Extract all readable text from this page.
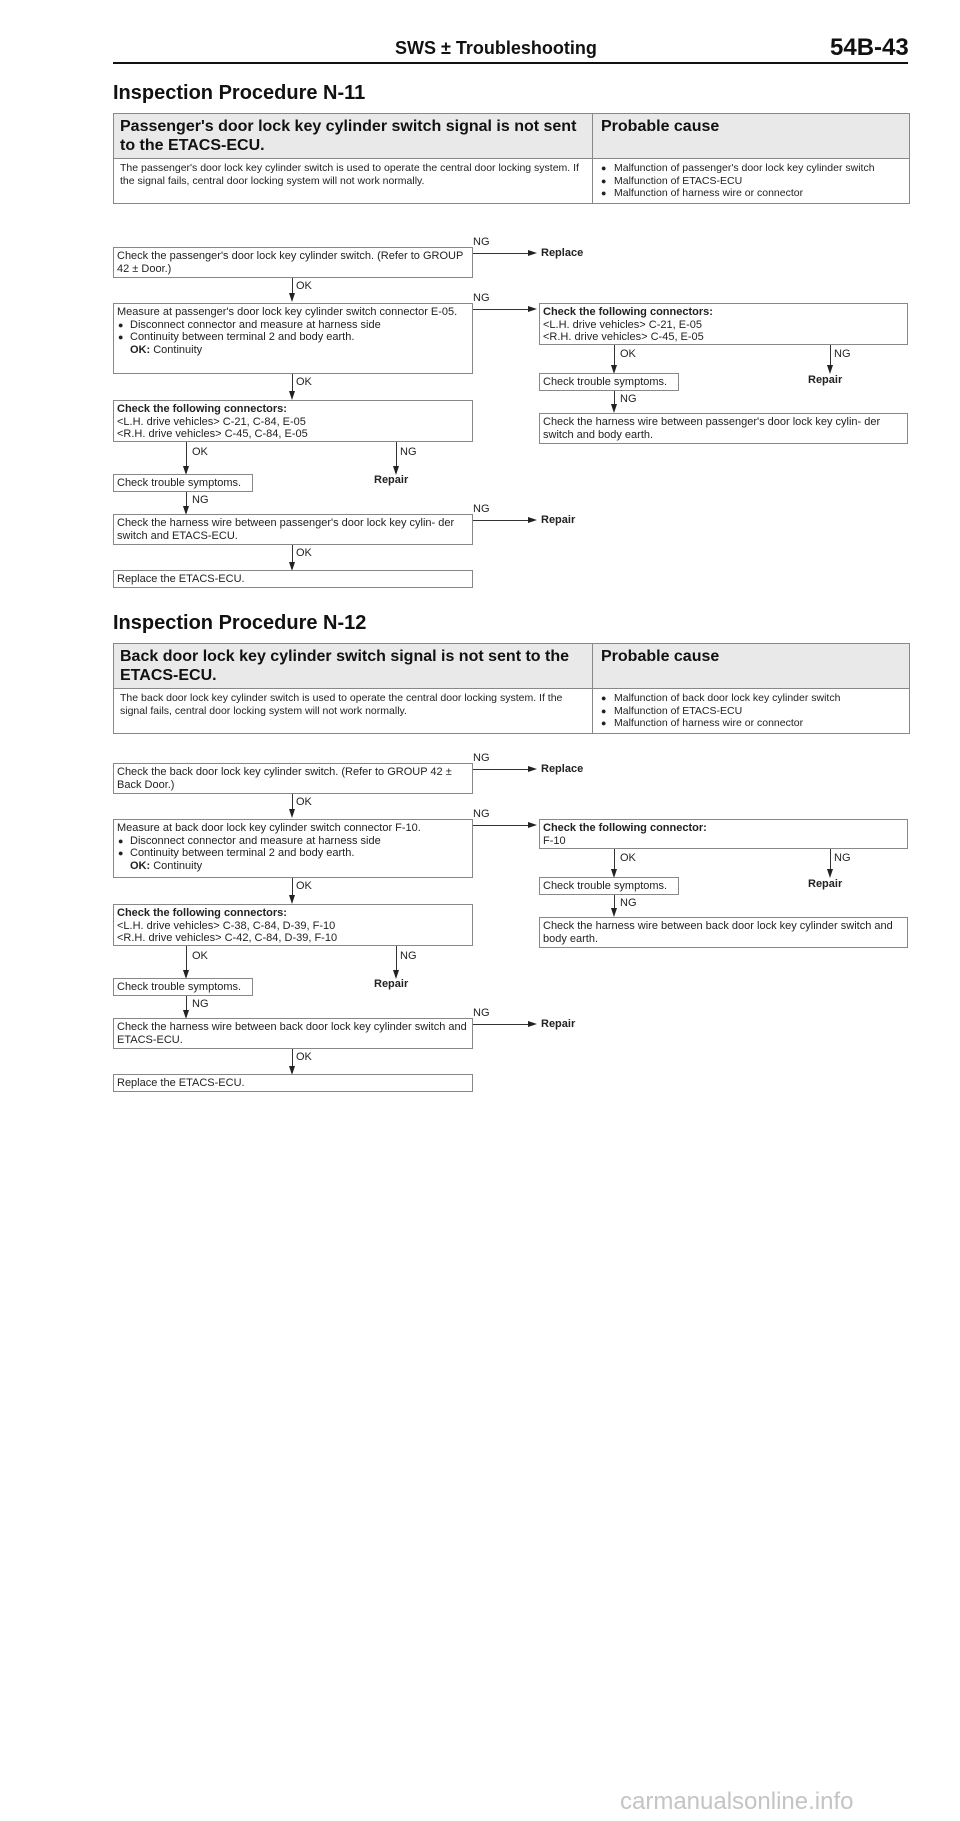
SWS ± Troubleshooting	54B-43
Inspection Procedure N-11
Passenger's door lock key cylinder switch signal is not sent to the ETACS-ECU.
Probable cause
The passenger's door lock key cylinder switch is used to operate the central door locking system. If the signal fails, central door locking system will not work normally.
● Malfunction of passenger's door lock key cylinder switch
● Malfunction of ETACS-ECU
● Malfunction of harness wire or connector
Check the passenger's door lock key cylinder switch. (Refer to GROUP 42 ± Door.)
NG
Replace
OK
Measure at passenger's door lock key cylinder switch connector E-05.
● Disconnect connector and measure at harness side
● Continuity between terminal 2 and body earth.
OK: Continuity
NG
OK
Check the following connectors:
<L.H. drive vehicles> C-21, C-84, E-05
<R.H. drive vehicles> C-45, C-84, E-05
OK	NG
Repair
Check trouble symptoms.
NG
Check the harness wire between passenger's door lock key cylin- der switch and ETACS-ECU.
NG
Repair
OK
Replace the ETACS-ECU.
Check the following connectors:
<L.H. drive vehicles> C-21, E-05
<R.H. drive vehicles> C-45, E-05
OK	NG
Repair
Check trouble symptoms.
NG
Check the harness wire between passenger's door lock key cylin- der switch and body earth.
Inspection Procedure N-12
Back door lock key cylinder switch signal is not sent to the ETACS-ECU.
Probable cause
The back door lock key cylinder switch is used to operate the central door locking system. If the signal fails, central door locking system will not work normally.
● Malfunction of back door lock key cylinder switch
● Malfunction of ETACS-ECU
● Malfunction of harness wire or connector
Check the back door lock key cylinder switch. (Refer to GROUP 42 ± Back Door.)
NG
Replace
OK
Measure at back door lock key cylinder switch connector F-10.
● Disconnect connector and measure at harness side
● Continuity between terminal 2 and body earth.
OK: Continuity
NG
OK
Check the following connectors:
<L.H. drive vehicles> C-38, C-84, D-39, F-10
<R.H. drive vehicles> C-42, C-84, D-39, F-10
OK	NG
Repair
Check trouble symptoms.
NG
Check the harness wire between back door lock key cylinder switch and ETACS-ECU.
NG
Repair
OK
Replace the ETACS-ECU.
Check the following connector:
F-10
OK	NG
Repair
Check trouble symptoms.
NG
Check the harness wire between back door lock key cylinder switch and body earth.
carmanualsonline.info
